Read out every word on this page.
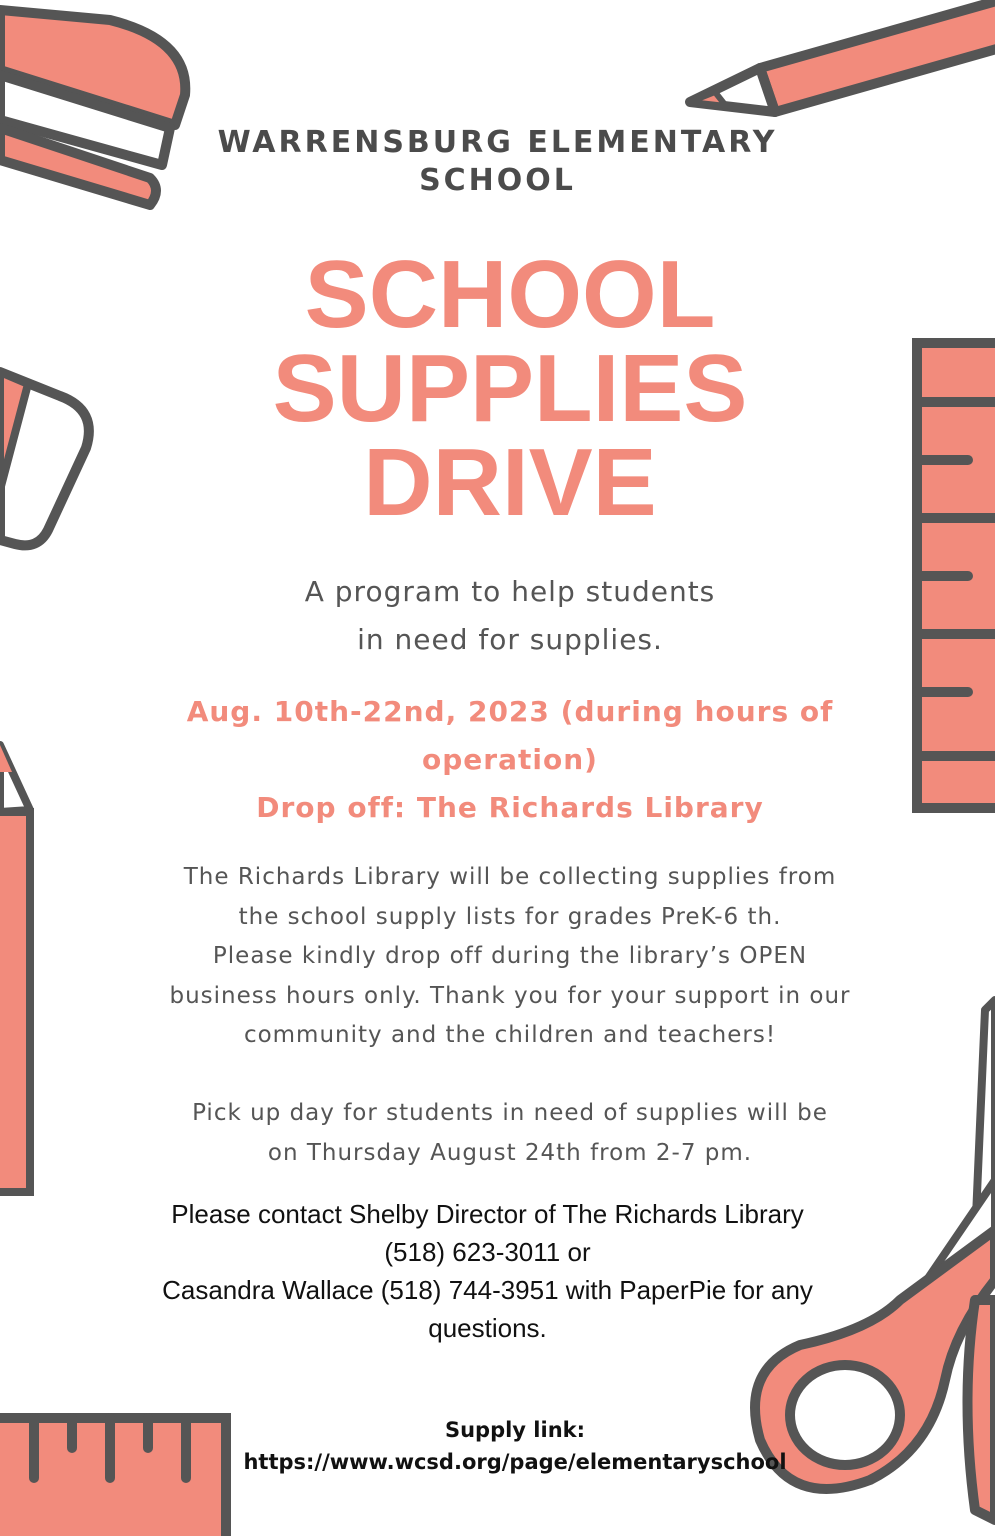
WARRENSBURG ELEMENTARY
SCHOOL
SCHOOL
SUPPLIES
DRIVE
A program to help students
in need for supplies.
Aug. 10th-22nd, 2023 (during hours of
operation)
Drop off: The Richards Library
The Richards Library will be collecting supplies from
the school supply lists for grades PreK-6 th.
Please kindly drop off during the library’s OPEN
business hours only. Thank you for your support in our
community and the children and teachers!
Pick up day for students in need of supplies will be
on Thursday August 24th from 2-7 pm.
Please contact Shelby Director of The Richards Library
(518) 623-3011 or
Casandra Wallace (518) 744-3951 with PaperPie for any
questions.
Supply link:
https://www.wcsd.org/page/elementaryschool
